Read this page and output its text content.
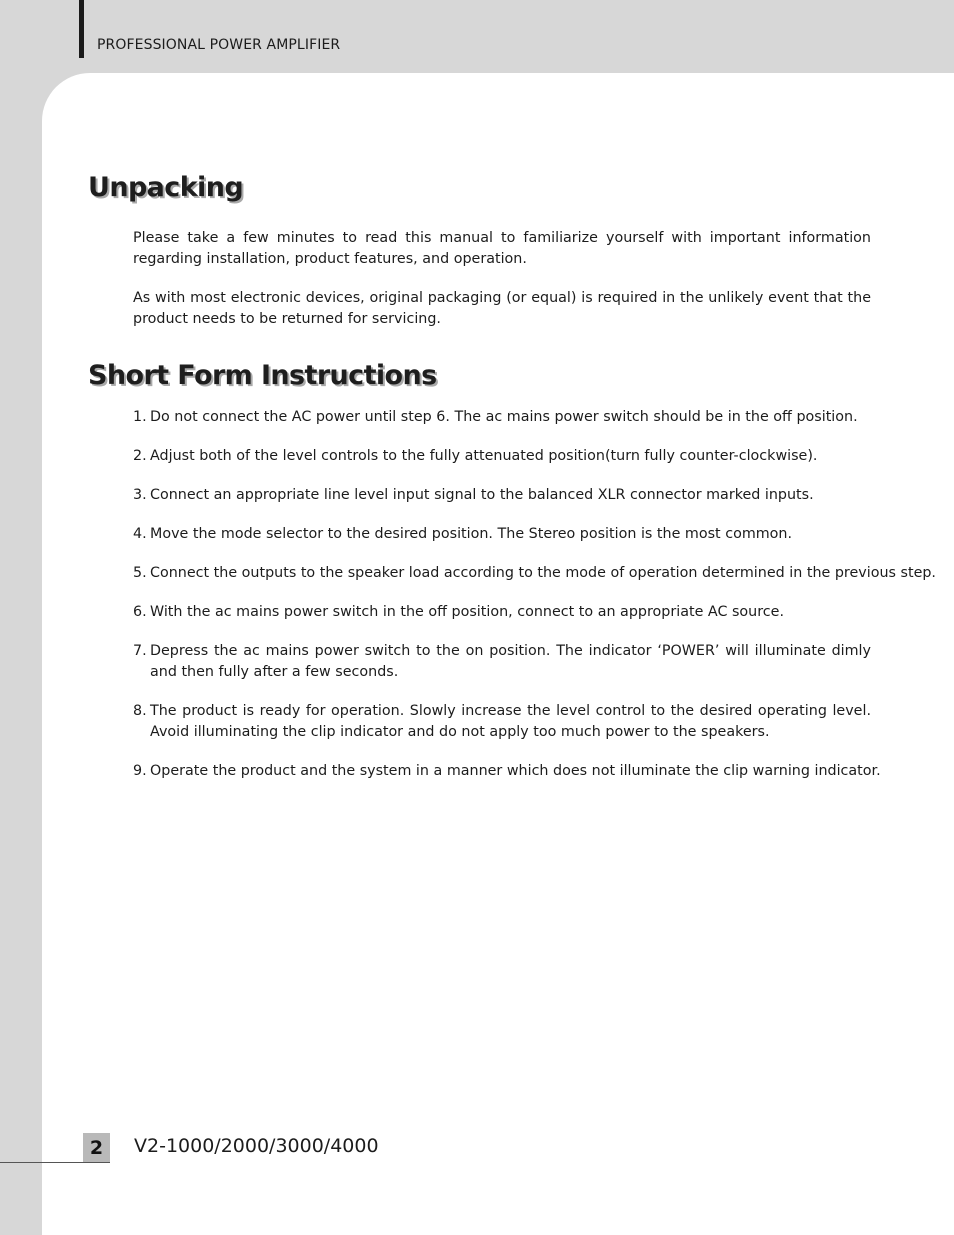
PROFESSIONAL POWER AMPLIFIER
Unpacking

Please take a few minutes to read this manual to familiarize yourself with important information regarding installation, product features, and operation.

As with most electronic devices, original packaging (or equal) is required in the unlikely event that the product needs to be returned for servicing.

Short Form Instructions
1. Do not connect the AC power until step 6. The ac mains power switch should be in the off position.
2. Adjust both of the level controls to the fully attenuated position(turn fully counter-clockwise).
3. Connect an appropriate line level input signal to the balanced XLR connector marked inputs.
4. Move the mode selector to the desired position. The Stereo position is the most common.
5. Connect the outputs to the speaker load according to the mode of operation determined in the previous step.
6. With the ac mains power switch in the off position, connect to an appropriate AC source.
7. Depress the ac mains power switch to the on position. The indicator ‘POWER’ will illuminate dimly and then fully after a few seconds.
8. The product is ready for operation. Slowly increase the level control to the desired operating level. Avoid illuminating the clip indicator and do not apply too much power to the speakers.
9. Operate the product and the system in a manner which does not illuminate the clip warning indicator.
2	V2-1000/2000/3000/4000
